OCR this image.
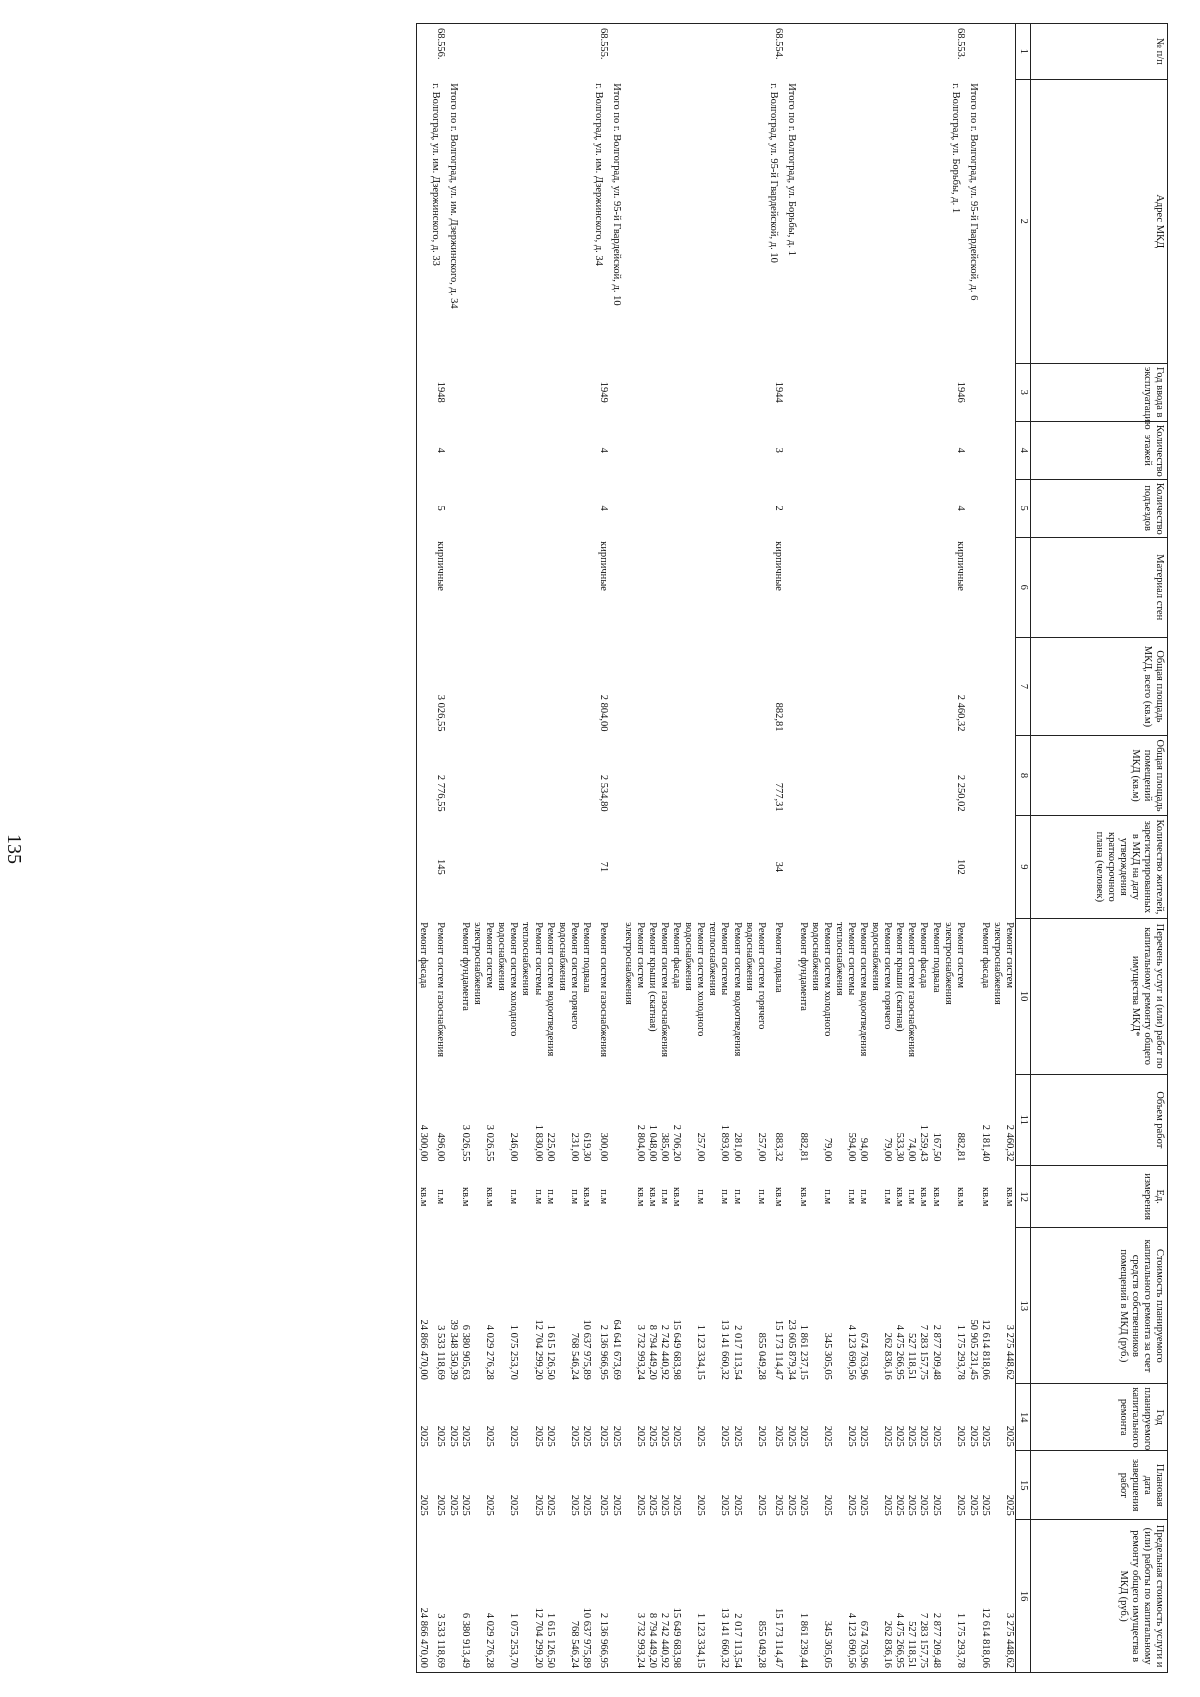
135
№ п/п	Адрес МКД	Год ввода в эксплуатацию	Количество этажей	Количество подъездов	Материал стен	Общая площадь МКД, всего (кв.м)	Общая площадь помещений МКД (кв.м)	Количество жителей, зарегистрированных в МКД на дату утверждения краткосрочного плана (человек)	Перечень услуг и (или) работ по капитальному ремонту общего имущества МКД*	Объем работ	Ед. измерения	Стоимость планируемого капитального ремонта за счет средств собственников помещений в МКД (руб.)	Год планируемого капитального ремонта	Плановая дата завершения работ	Предельная стоимость услуги и (или) работы по капитальному ремонту общего имущества в МКД (руб.)
1	2	3	4	5	6	7	8	9	10	11	12	13	14	15	16
									Ремонт систем электроснабжения	2 460,32	кв.м	3 275 448,62	2025	2025	3 275 448,62
									Ремонт фасада	2 181,40	кв.м	12 614 818,06	2025	2025	12 614 818,06
	Итого по г. Волгоград, ул. 95-й Гвардейской, д. 6											50 905 231,45	2025	2025	
68.553.	г. Волгоград, ул. Борьбы, д. 1	1946	4	4	кирпичные	2 460,32	2 250,02	102	Ремонт систем электроснабжения	882,81	кв.м	1 175 293,78	2025	2025	1 175 293,78
									Ремонт подвала	167,50	кв.м	2 877 209,48	2025	2025	2 877 209,48
									Ремонт фасада	1 259,43	кв.м	7 283 157,75	2025	2025	7 283 157,75
									Ремонт систем газоснабжения	74,00	п.м	527 118,51	2025	2025	527 118,51
									Ремонт крыши (скатная)	533,30	кв.м	4 475 266,95	2025	2025	4 475 266,95
									Ремонт систем горячего водоснабжения	79,00	п.м	262 836,16	2025	2025	262 836,16
									Ремонт систем водоотведения	94,00	п.м	674 763,96	2025	2025	674 763,96
									Ремонт системы теплоснабжения	594,00	п.м	4 123 690,56	2025	2025	4 123 690,56
									Ремонт систем холодного водоснабжения	79,00	п.м	345 305,05	2025	2025	345 305,05
									Ремонт фундамента	882,81	кв.м	1 861 237,15	2025	2025	1 861 239,44
	Итого по г. Волгоград, ул. Борьбы, д. 1											23 605 879,34	2025	2025	
68.554.	г. Волгоград, ул. 95-й Гвардейской, д. 10	1944	3	2	кирпичные	882,81	777,31	34	Ремонт подвала	883,32	кв.м	15 173 114,47	2025	2025	15 173 114,47
									Ремонт систем горячего водоснабжения	257,00	п.м	855 049,28	2025	2025	855 049,28
									Ремонт систем водоотведения	281,00	п.м	2 017 113,54	2025	2025	2 017 113,54
									Ремонт системы теплоснабжения	1 893,00	п.м	13 141 660,32	2025	2025	13 141 660,32
									Ремонт систем холодного водоснабжения	257,00	п.м	1 123 334,15	2025	2025	1 123 334,15
									Ремонт фасада	2 706,20	кв.м	15 649 683,98	2025	2025	15 649 683,98
									Ремонт систем газоснабжения	385,00	п.м	2 742 440,92	2025	2025	2 742 440,92
									Ремонт крыши (скатная)	1 048,00	кв.м	8 794 449,20	2025	2025	8 794 449,20
									Ремонт систем электроснабжения	2 804,00	кв.м	3 732 993,24	2025	2025	3 732 993,24
	Итого по г. Волгоград, ул. 95-й Гвардейской, д. 10											64 641 673,69	2025	2025	
68.555.	г. Волгоград, ул. им. Дзержинского, д. 34	1949	4	4	кирпичные	2 804,00	2 534,80	71	Ремонт систем газоснабжения	300,00	п.м	2 136 966,95	2025	2025	2 136 966,95
									Ремонт подвала	619,30	кв.м	10 637 975,89	2025	2025	10 637 975,89
									Ремонт систем горячего водоснабжения	231,00	п.м	768 546,24	2025	2025	768 546,24
									Ремонт систем водоотведения	225,00	п.м	1 615 126,50	2025	2025	1 615 126,50
									Ремонт системы теплоснабжения	1 830,00	п.м	12 704 299,20	2025	2025	12 704 299,20
									Ремонт систем холодного водоснабжения	246,00	п.м	1 075 253,70	2025	2025	1 075 253,70
									Ремонт систем электроснабжения	3 026,55	кв.м	4 029 276,28	2025	2025	4 029 276,28
									Ремонт фундамента	3 026,55	кв.м	6 380 905,63	2025	2025	6 380 913,49
	Итого по г. Волгоград, ул. им. Дзержинского, д. 34											39 348 350,39	2025	2025	
68.556.	г. Волгоград, ул. им. Дзержинского, д. 33	1948	4	5	кирпичные	3 026,55	2 776,55	145	Ремонт систем газоснабжения	496,00	п.м	3 533 118,69	2025	2025	3 533 118,69
									Ремонт фасада	4 300,00	кв.м	24 866 470,00	2025	2025	24 866 470,00
